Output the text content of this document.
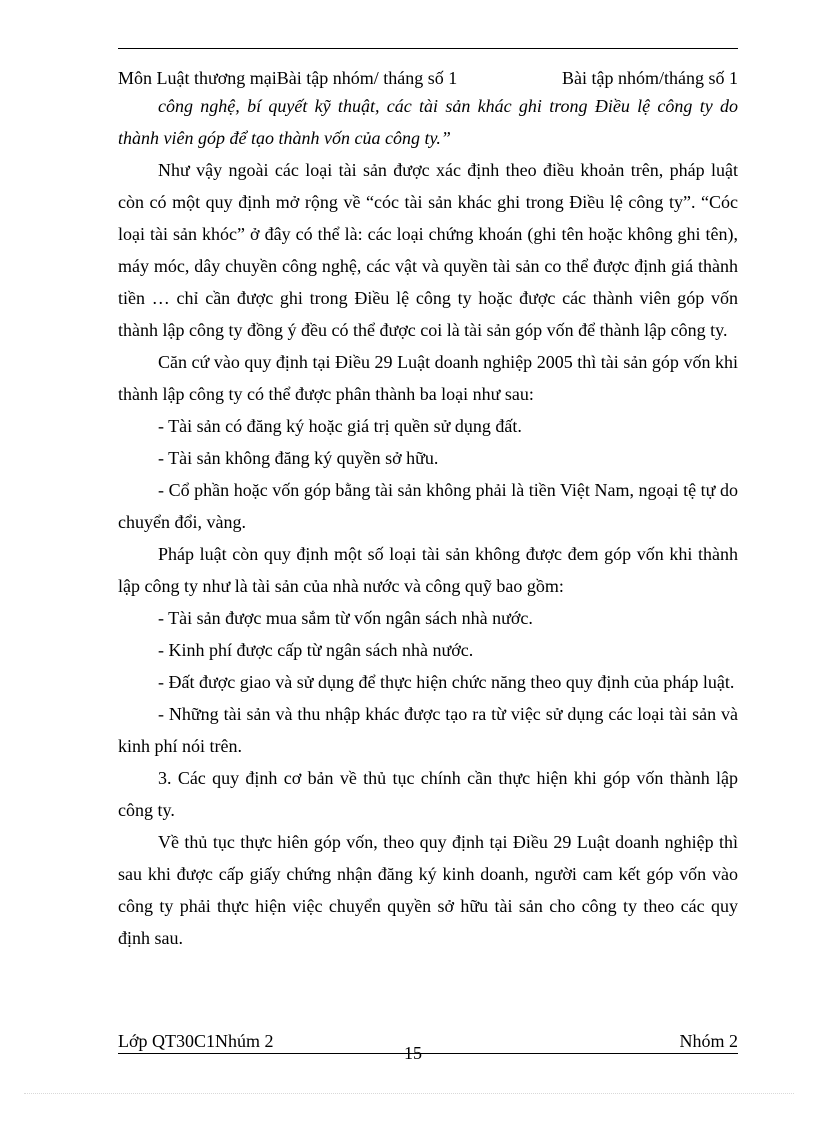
Môn Luật thương mạiBài tập nhóm/ tháng số 1	Bài tập nhóm/tháng số 1

công nghệ, bí quyết kỹ thuật, các tài sản khác ghi trong Điều lệ công ty do thành viên góp để tạo thành vốn của công ty.”

Như vậy ngoài các loại tài sản được xác định theo điều khoản trên, pháp luật còn có một quy định mở rộng về “cóc tài sản khác ghi trong Điều lệ công ty”. “Cóc loại tài sản khóc” ở đây có thể là: các loại chứng khoán (ghi tên hoặc không ghi tên), máy móc, dây chuyền công nghệ, các vật và quyền tài sản co thể được định giá thành tiền … chỉ cần được ghi trong Điều lệ công ty hoặc được các thành viên góp vốn thành lập công ty đồng ý đều có thể được coi là tài sản góp vốn để thành lập công ty.

Căn cứ vào quy định tại Điều 29 Luật doanh nghiệp 2005 thì tài sản góp vốn khi thành lập công ty có thể được phân thành ba loại như sau:

- Tài sản có đăng ký hoặc giá trị quền sử dụng đất.

- Tài sản không đăng ký quyền sở hữu.

- Cổ phần hoặc vốn góp bằng tài sản không phải là tiền Việt Nam, ngoại tệ tự do chuyển đổi, vàng.

Pháp luật còn quy định một số loại tài sản không được đem góp vốn khi thành lập công ty như là tài sản của nhà nước và công quỹ bao gồm:

- Tài sản được mua sắm từ vốn ngân sách nhà nước.

- Kinh phí được cấp từ ngân sách nhà nước.

- Đất được giao và sử dụng để thực hiện chức năng theo quy định của pháp luật.

- Những tài sản và thu nhập khác được tạo ra từ việc sử dụng các loại tài sản và kinh phí nói trên.

3. Các quy định cơ bản về thủ tục chính cần thực hiện khi góp vốn thành lập công ty.

Về thủ tục thực hiên góp vốn, theo quy định tại Điều 29 Luật doanh nghiệp thì sau khi được cấp giấy chứng nhận đăng ký kinh doanh, người cam kết góp vốn vào công ty phải thực hiện việc chuyển quyền sở hữu tài sản cho công ty theo các quy định sau.

Lớp QT30C1Nhúm 2	Nhóm 2
15
